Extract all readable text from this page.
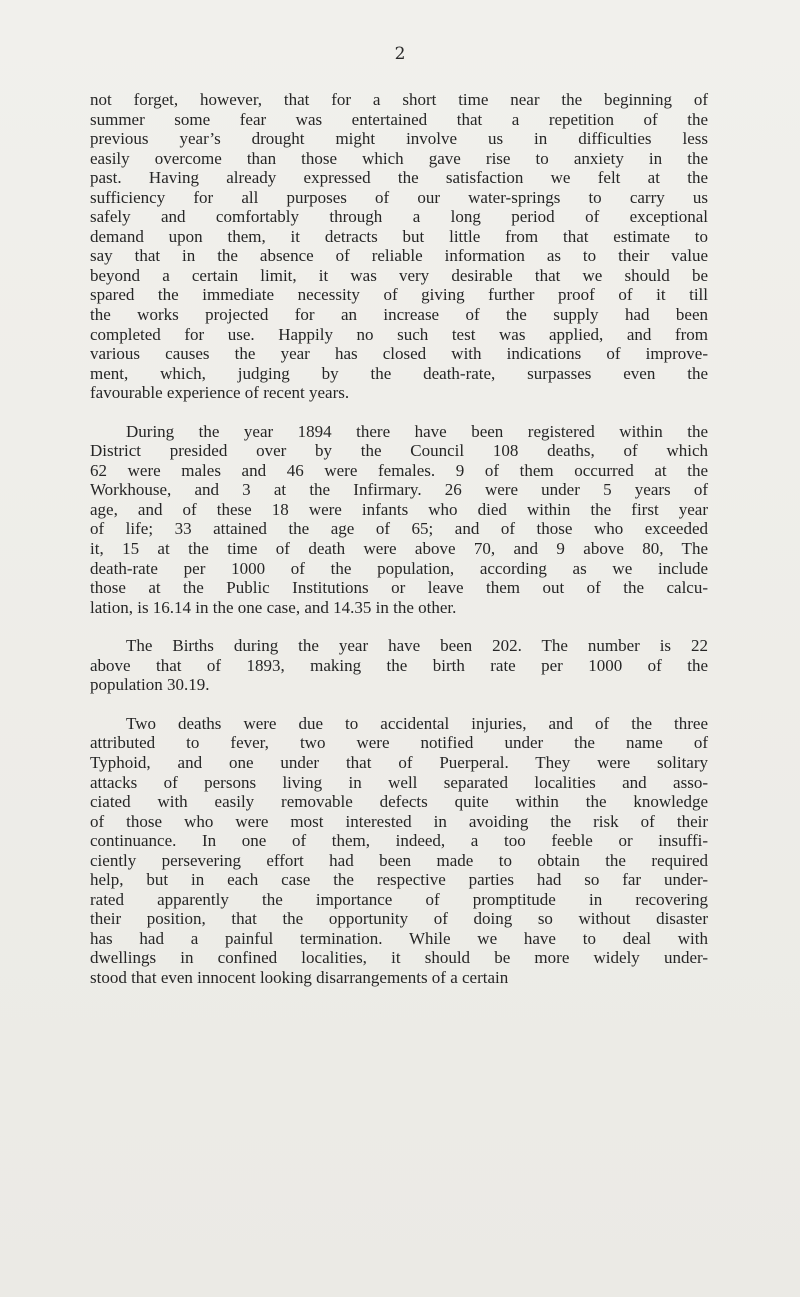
2

not forget, however, that for a short time near the beginning of
summer some fear was entertained that a repetition of the
previous year’s drought might involve us in difficulties less
easily overcome than those which gave rise to anxiety in the
past. Having already expressed the satisfaction we felt at the
sufficiency for all purposes of our water-springs to carry us
safely and comfortably through a long period of exceptional
demand upon them, it detracts but little from that estimate to
say that in the absence of reliable information as to their value
beyond a certain limit, it was very desirable that we should be
spared the immediate necessity of giving further proof of it till
the works projected for an increase of the supply had been
completed for use. Happily no such test was applied, and from
various causes the year has closed with indications of improve-
ment, which, judging by the death-rate, surpasses even the
favourable experience of recent years.

During the year 1894 there have been registered within the
District presided over by the Council 108 deaths, of which
62 were males and 46 were females. 9 of them occurred at the
Workhouse, and 3 at the Infirmary. 26 were under 5 years of
age, and of these 18 were infants who died within the first year
of life; 33 attained the age of 65; and of those who exceeded
it, 15 at the time of death were above 70, and 9 above 80, The
death-rate per 1000 of the population, according as we include
those at the Public Institutions or leave them out of the calcu-
lation, is 16.14 in the one case, and 14.35 in the other.

The Births during the year have been 202. The number is 22
above that of 1893, making the birth rate per 1000 of the
population 30.19.

Two deaths were due to accidental injuries, and of the three
attributed to fever, two were notified under the name of
Typhoid, and one under that of Puerperal. They were solitary
attacks of persons living in well separated localities and asso-
ciated with easily removable defects quite within the knowledge
of those who were most interested in avoiding the risk of their
continuance. In one of them, indeed, a too feeble or insuffi-
ciently persevering effort had been made to obtain the required
help, but in each case the respective parties had so far under-
rated apparently the importance of promptitude in recovering
their position, that the opportunity of doing so without disaster
has had a painful termination. While we have to deal with
dwellings in confined localities, it should be more widely under-
stood that even innocent looking disarrangements of a certain
